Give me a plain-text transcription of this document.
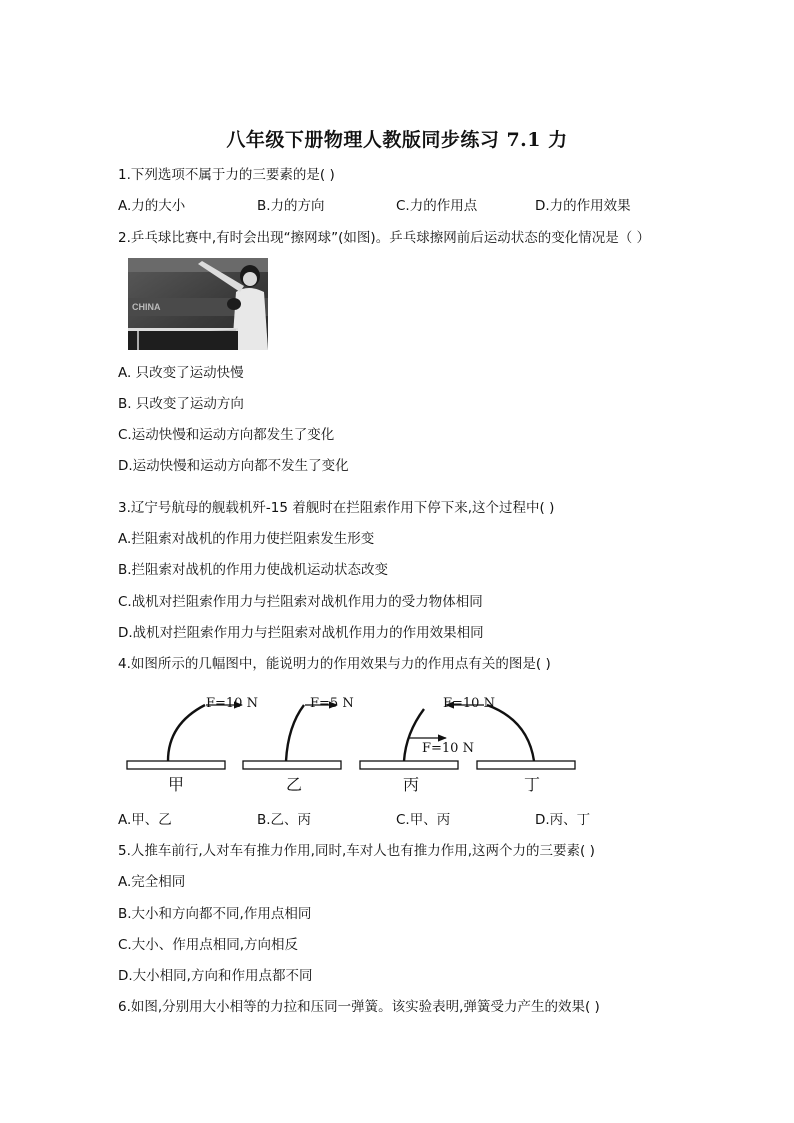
八年级下册物理人教版同步练习 7.1 力
1.下列选项不属于力的三要素的是( )
A.力的大小	B.力的方向	C.力的作用点	D.力的作用效果
2.乒乓球比赛中,有时会出现“擦网球”(如图)。乒乓球擦网前后运动状态的变化情况是（ ）
CHINA
A. 只改变了运动快慢
B. 只改变了运动方向
C.运动快慢和运动方向都发生了变化
D.运动快慢和运动方向都不发生了变化
3.辽宁号航母的舰载机歼-15 着舰时在拦阻索作用下停下来,这个过程中( )
A.拦阻索对战机的作用力使拦阻索发生形变
B.拦阻索对战机的作用力使战机运动状态改变
C.战机对拦阻索作用力与拦阻索对战机作用力的受力物体相同
D.战机对拦阻索作用力与拦阻索对战机作用力的作用效果相同
4.如图所示的几幅图中，能说明力的作用效果与力的作用点有关的图是( )
F=10 N	F=5 N
F=10 N
F=10 N
甲	乙	丙	丁
A.甲、乙	B.乙、丙	C.甲、丙	D.丙、丁
5.人推车前行,人对车有推力作用,同时,车对人也有推力作用,这两个力的三要素( )
A.完全相同
B.大小和方向都不同,作用点相同
C.大小、作用点相同,方向相反
D.大小相同,方向和作用点都不同
6.如图,分别用大小相等的力拉和压同一弹簧。该实验表明,弹簧受力产生的效果( )
